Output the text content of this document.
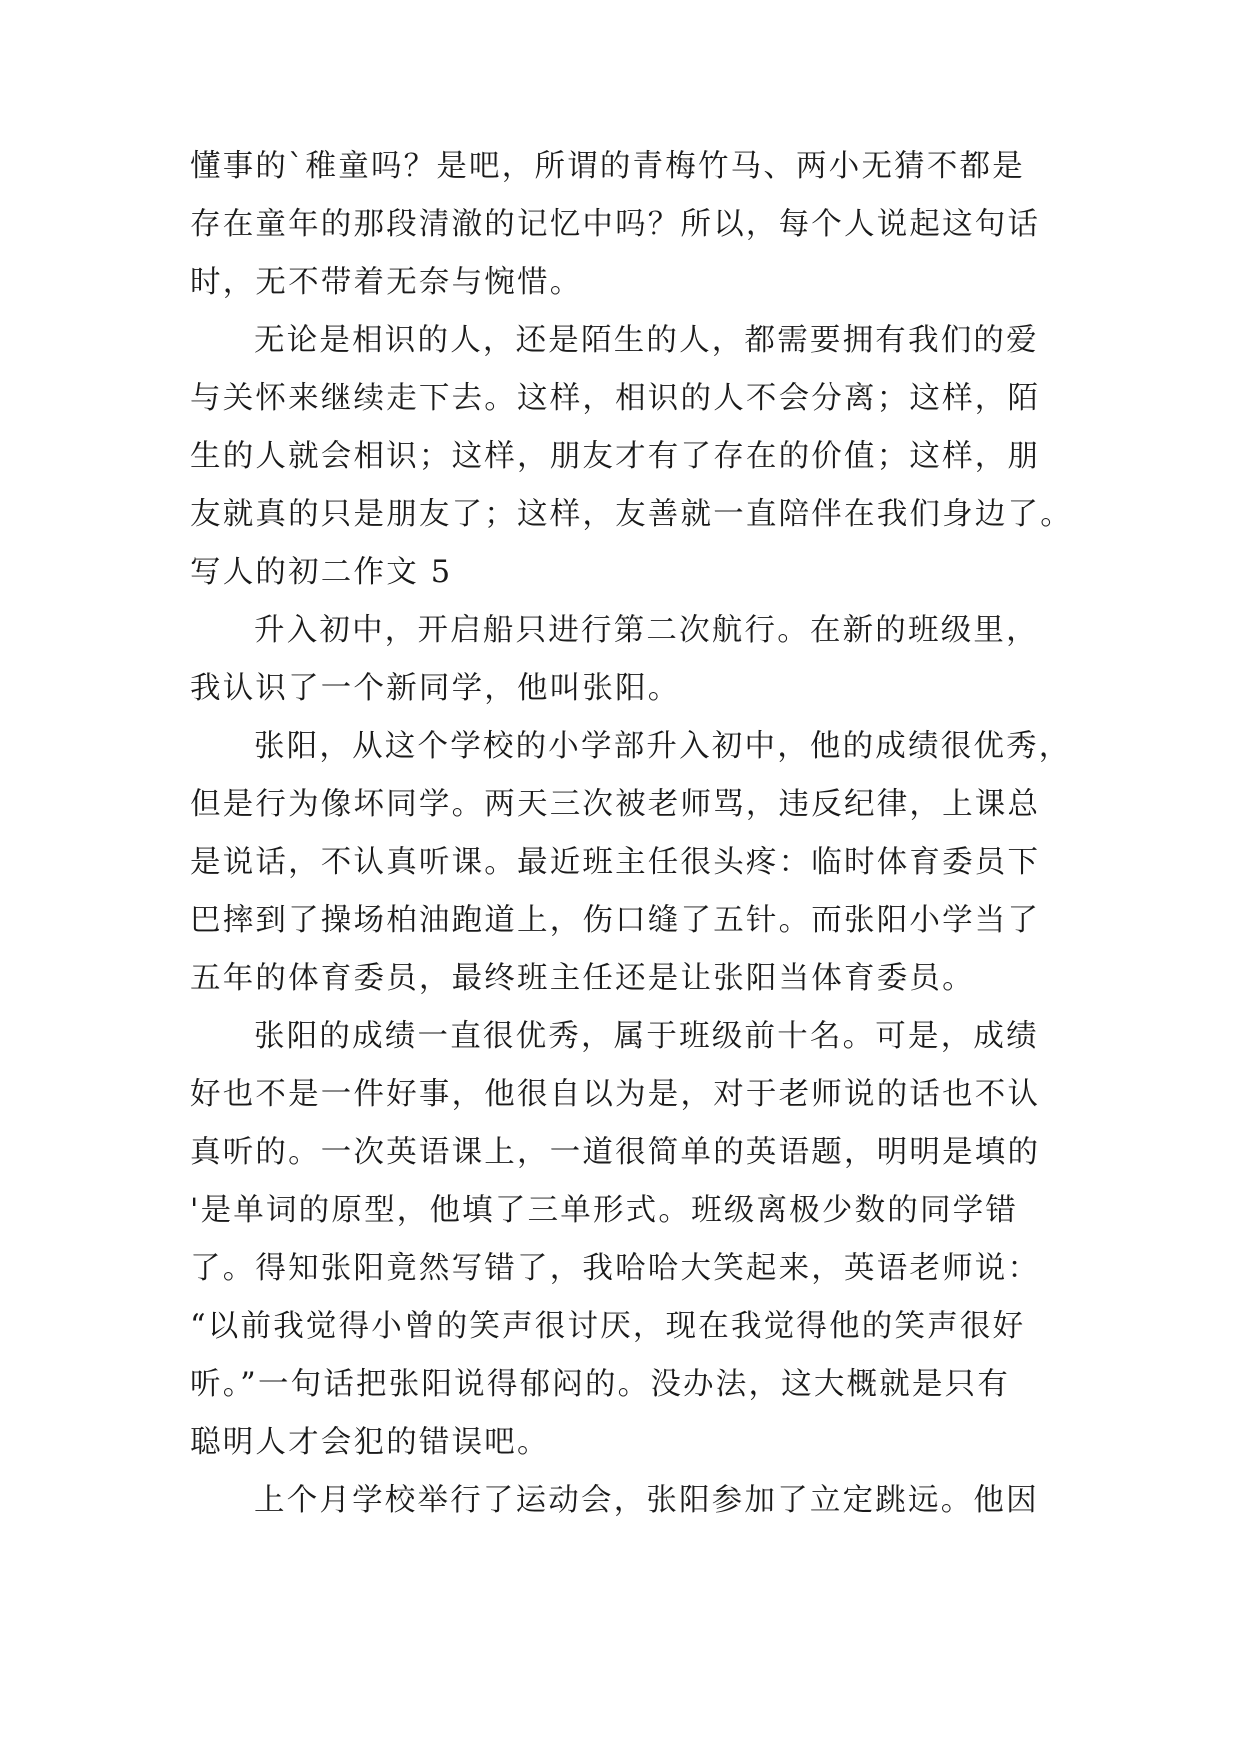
懂事的`稚童吗？是吧，所谓的青梅竹马、两小无猜不都是
存在童年的那段清澈的记忆中吗？所以，每个人说起这句话
时，无不带着无奈与惋惜。
无论是相识的人，还是陌生的人，都需要拥有我们的爱
与关怀来继续走下去。这样，相识的人不会分离；这样，陌
生的人就会相识；这样，朋友才有了存在的价值；这样，朋
友就真的只是朋友了；这样，友善就一直陪伴在我们身边了。
写人的初二作文 5
升入初中，开启船只进行第二次航行。在新的班级里，
我认识了一个新同学，他叫张阳。
张阳，从这个学校的小学部升入初中，他的成绩很优秀，
但是行为像坏同学。两天三次被老师骂，违反纪律，上课总
是说话，不认真听课。最近班主任很头疼：临时体育委员下
巴摔到了操场柏油跑道上，伤口缝了五针。而张阳小学当了
五年的体育委员，最终班主任还是让张阳当体育委员。
张阳的成绩一直很优秀，属于班级前十名。可是，成绩
好也不是一件好事，他很自以为是，对于老师说的话也不认
真听的。一次英语课上，一道很简单的英语题，明明是填的
'是单词的原型，他填了三单形式。班级离极少数的同学错
了。得知张阳竟然写错了，我哈哈大笑起来，英语老师说：
“以前我觉得小曾的笑声很讨厌，现在我觉得他的笑声很好
听。”一句话把张阳说得郁闷的。没办法，这大概就是只有
聪明人才会犯的错误吧。
上个月学校举行了运动会，张阳参加了立定跳远。他因
